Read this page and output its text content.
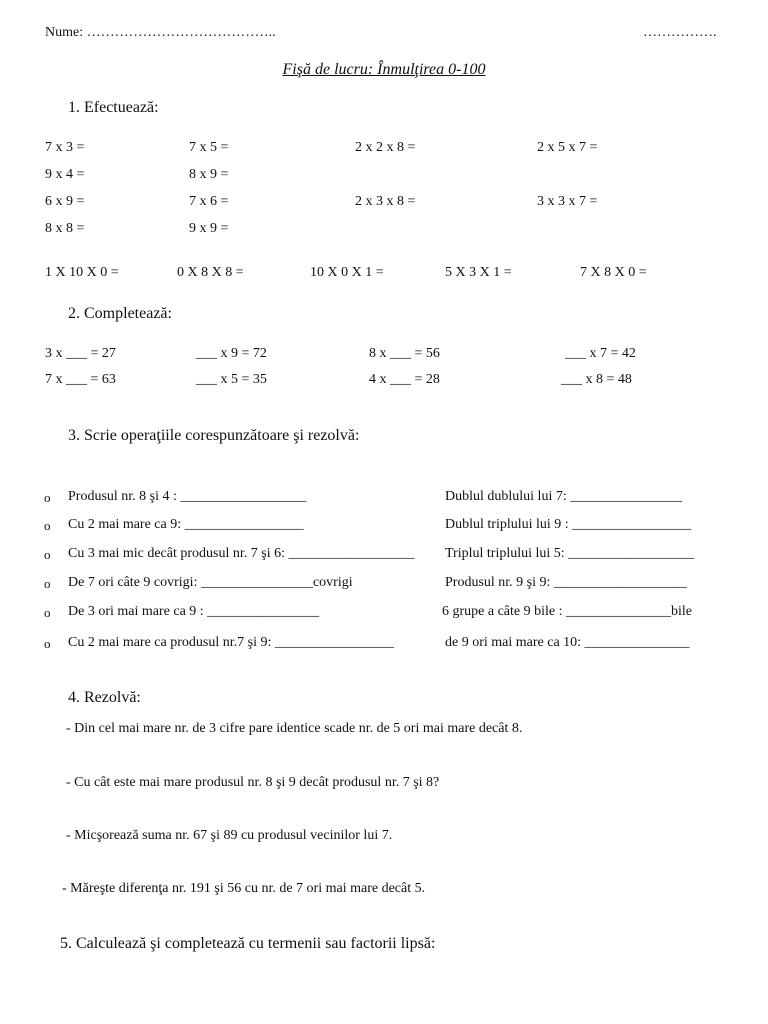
Nume: …………………………………..	…………….
Fişă de lucru: Înmulţirea 0-100
1. Efectuează:
7 x 3 =	7 x 5 =	2 x 2 x 8 =	2 x 5 x 7 =
9 x 4 =	8 x 9 =
6 x 9 =	7 x 6 =	2 x 3 x 8 =	3 x 3 x 7 =
8 x 8 =	9 x 9 =
1 X 10 X 0 =	0 X 8 X 8 =	10 X 0 X 1 =	5 X 3 X 1 =	7 X 8 X 0 =
2. Completează:
3 x ___ = 27	___ x 9 = 72	8 x ___ = 56	___ x 7 = 42
7 x ___ = 63	___ x 5 = 35	4 x ___ = 28	___ x 8 = 48
3. Scrie operaţiile corespunzătoare şi rezolvă:
o Produsul nr. 8 şi 4 : __________________	Dublul dublului lui 7: ________________
o Cu 2 mai mare ca 9: _________________	Dublul triplului lui 9 : _________________
o Cu 3 mai mic decât produsul nr. 7 şi 6: __________________ Triplul triplului lui 5: __________________
o De 7 ori câte 9 covrigi: ________________covrigi	Produsul nr. 9 şi 9: ___________________
o De 3 ori mai mare ca 9 : ________________	6 grupe a câte 9 bile : _______________bile
o Cu 2 mai mare ca produsul nr.7 şi 9: _________________	de 9 ori mai mare ca 10: _______________
4. Rezolvă:
- Din cel mai mare nr. de 3 cifre pare identice scade nr. de 5 ori mai mare decât 8.
- Cu cât este mai mare produsul nr. 8 şi 9 decât produsul nr. 7 şi 8?
- Micşorează suma nr. 67 şi 89 cu produsul vecinilor lui 7.
- Măreşte diferenţa nr. 191 şi 56 cu nr. de 7 ori mai mare decât 5.
5. Calculează şi completează cu termenii sau factorii lipsă:
